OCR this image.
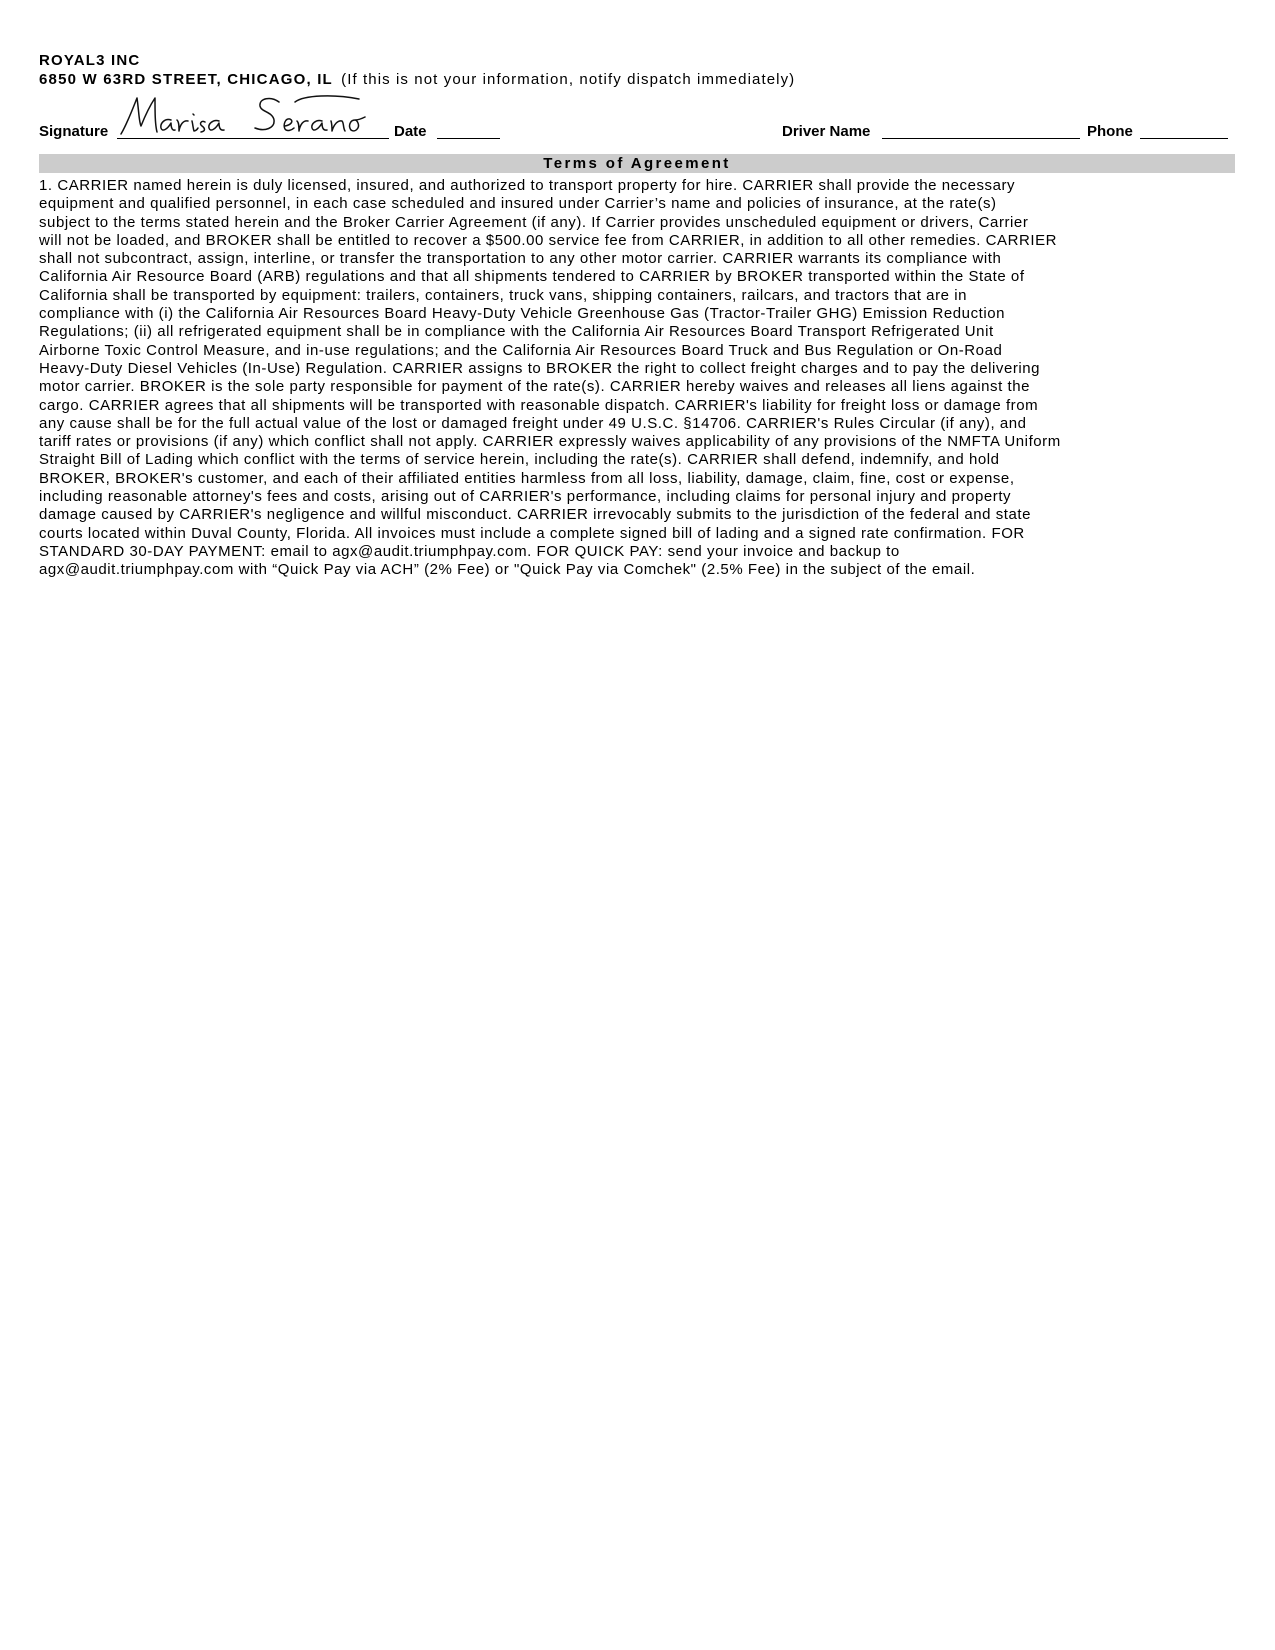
ROYAL3 INC
6850 W 63RD STREET, CHICAGO, IL (If this is not your information, notify dispatch immediately)
Signature	Date	Driver Name	Phone
Terms of Agreement
1. CARRIER named herein is duly licensed, insured, and authorized to transport property for hire. CARRIER shall provide the necessary
equipment and qualified personnel, in each case scheduled and insured under Carrier’s name and policies of insurance, at the rate(s)
subject to the terms stated herein and the Broker Carrier Agreement (if any). If Carrier provides unscheduled equipment or drivers, Carrier
will not be loaded, and BROKER shall be entitled to recover a $500.00 service fee from CARRIER, in addition to all other remedies. CARRIER
shall not subcontract, assign, interline, or transfer the transportation to any other motor carrier. CARRIER warrants its compliance with
California Air Resource Board (ARB) regulations and that all shipments tendered to CARRIER by BROKER transported within the State of
California shall be transported by equipment: trailers, containers, truck vans, shipping containers, railcars, and tractors that are in
compliance with (i) the California Air Resources Board Heavy-Duty Vehicle Greenhouse Gas (Tractor-Trailer GHG) Emission Reduction
Regulations; (ii) all refrigerated equipment shall be in compliance with the California Air Resources Board Transport Refrigerated Unit
Airborne Toxic Control Measure, and in-use regulations; and the California Air Resources Board Truck and Bus Regulation or On-Road
Heavy-Duty Diesel Vehicles (In-Use) Regulation. CARRIER assigns to BROKER the right to collect freight charges and to pay the delivering
motor carrier. BROKER is the sole party responsible for payment of the rate(s). CARRIER hereby waives and releases all liens against the
cargo. CARRIER agrees that all shipments will be transported with reasonable dispatch. CARRIER's liability for freight loss or damage from
any cause shall be for the full actual value of the lost or damaged freight under 49 U.S.C. §14706. CARRIER's Rules Circular (if any), and
tariff rates or provisions (if any) which conflict shall not apply. CARRIER expressly waives applicability of any provisions of the NMFTA Uniform
Straight Bill of Lading which conflict with the terms of service herein, including the rate(s). CARRIER shall defend, indemnify, and hold
BROKER, BROKER's customer, and each of their affiliated entities harmless from all loss, liability, damage, claim, fine, cost or expense,
including reasonable attorney's fees and costs, arising out of CARRIER's performance, including claims for personal injury and property
damage caused by CARRIER's negligence and willful misconduct. CARRIER irrevocably submits to the jurisdiction of the federal and state
courts located within Duval County, Florida. All invoices must include a complete signed bill of lading and a signed rate confirmation. FOR
STANDARD 30-DAY PAYMENT: email to agx@audit.triumphpay.com. FOR QUICK PAY: send your invoice and backup to
agx@audit.triumphpay.com with “Quick Pay via ACH” (2% Fee) or "Quick Pay via Comchek" (2.5% Fee) in the subject of the email.
